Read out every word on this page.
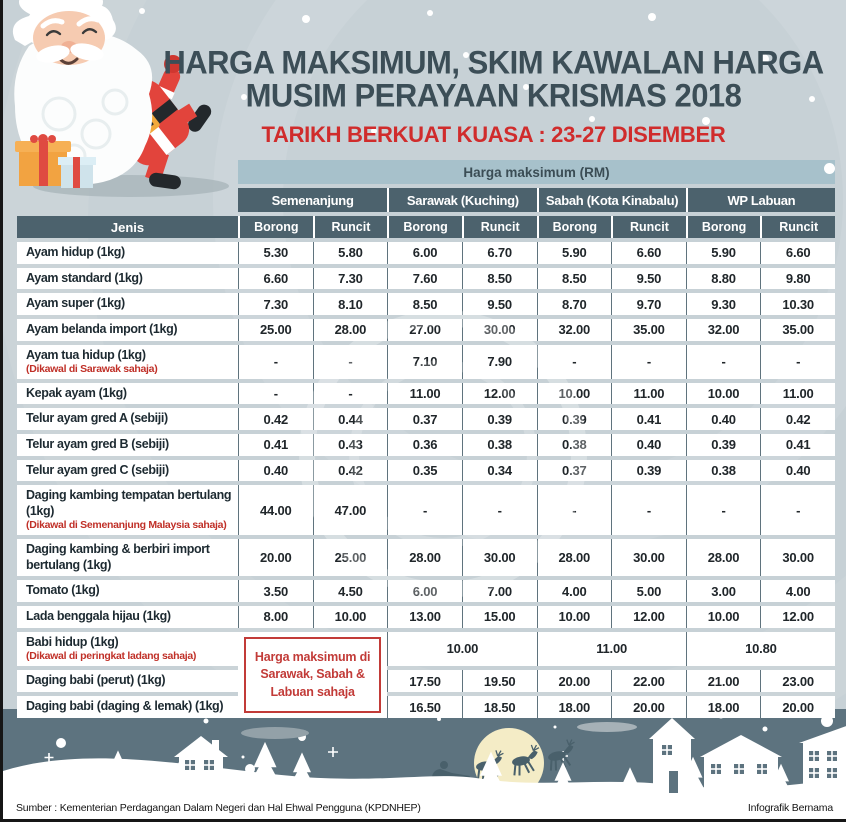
HARGA MAKSIMUM, SKIM KAWALAN HARGA
MUSIM PERAYAAN KRISMAS 2018
TARIKH BERKUAT KUASA : 23-27 DISEMBER
	Harga maksimum (RM)							
	Semenanjung		Sarawak (Kuching)		Sabah (Kota Kinabalu)		WP Labuan	
Jenis	Borong	Runcit	Borong	Runcit	Borong	Runcit	Borong	Runcit

Ayam hidup (1kg)	5.30	5.80	6.00	6.70	5.90	6.60	5.90	6.60

Ayam standard (1kg)	6.60	7.30	7.60	8.50	8.50	9.50	8.80	9.80

Ayam super (1kg)	7.30	8.10	8.50	9.50	8.70	9.70	9.30	10.30

Ayam belanda import (1kg)	25.00	28.00	27.00	30.00	32.00	35.00	32.00	35.00

Ayam tua hidup (1kg)
(Dikawal di Sarawak sahaja)	-	-	7.10	7.90	-	-	-	-

Kepak ayam (1kg)	-	-	11.00	12.00	10.00	11.00	10.00	11.00

Telur ayam gred A (sebiji)	0.42	0.44	0.37	0.39	0.39	0.41	0.40	0.42

Telur ayam gred B (sebiji)	0.41	0.43	0.36	0.38	0.38	0.40	0.39	0.41

Telur ayam gred C (sebiji)	0.40	0.42	0.35	0.34	0.37	0.39	0.38	0.40

Daging kambing tempatan bertulang (1kg)
(Dikawal di Semenanjung Malaysia sahaja)	44.00	47.00	-	-	-	-	-	-

Daging kambing & berbiri import bertulang (1kg)	20.00	25.00	28.00	30.00	28.00	30.00	28.00	30.00

Tomato (1kg)	3.50	4.50	6.00	7.00	4.00	5.00	3.00	4.00

Lada benggala hijau (1kg)	8.00	10.00	13.00	15.00	10.00	12.00	10.00	12.00

Babi hidup (1kg)
(Dikawal di peringkat ladang sahaja)	Harga maksimum di Sarawak, Sabah & Labuan sahaja		10.00		11.00		10.80	

Daging babi (perut) (1kg)			17.50	19.50	20.00	22.00	21.00	23.00

Daging babi (daging & lemak) (1kg)			16.50	18.50	18.00	20.00	18.00	20.00
Sumber : Kementerian Perdagangan Dalam Negeri dan Hal Ehwal Pengguna (KPDNHEP)	Infografik Bernama
